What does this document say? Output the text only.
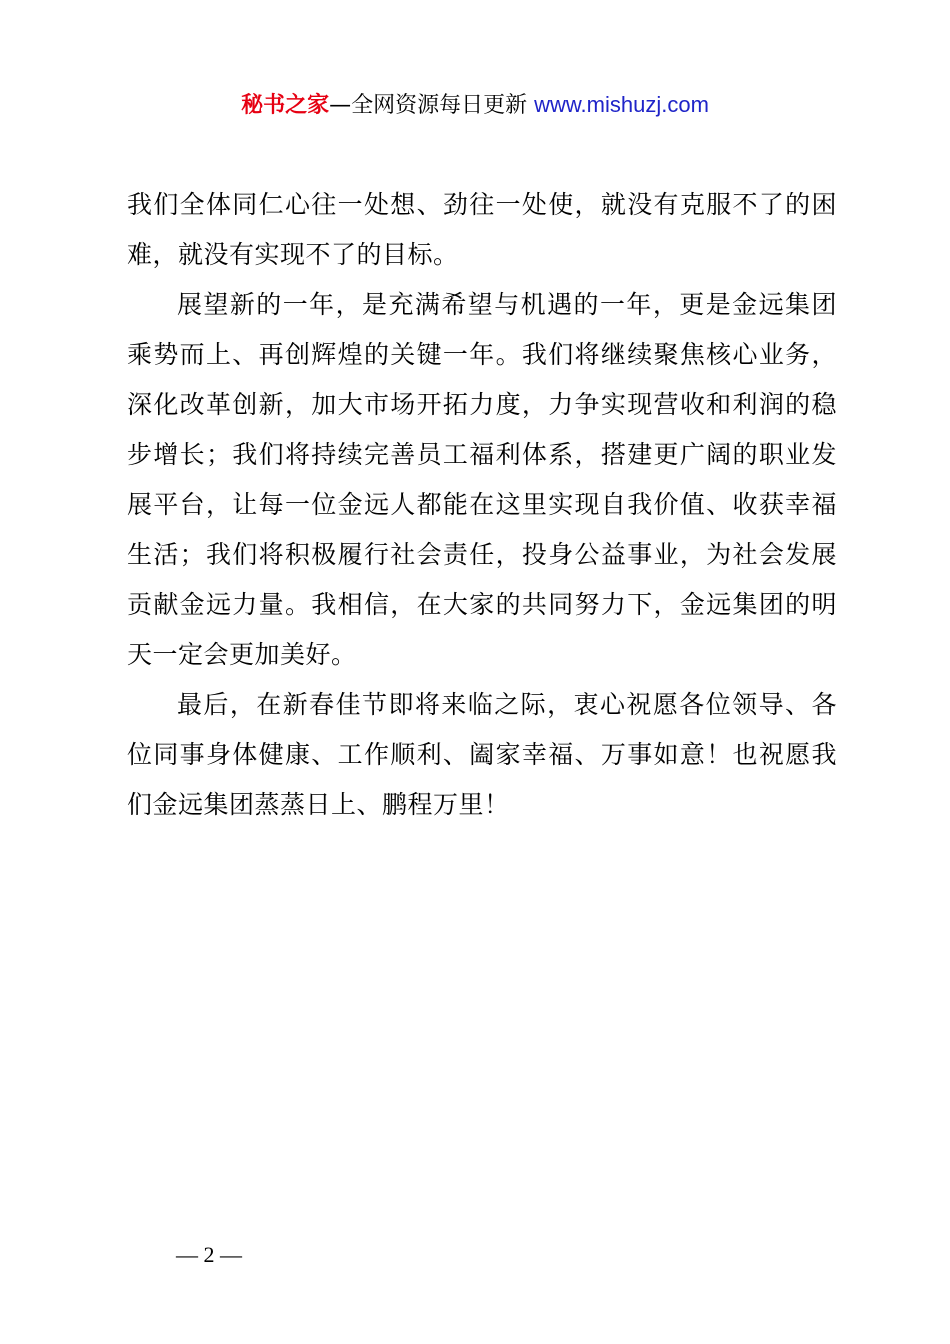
秘书之家—全网资源每日更新 www.mishuzj.com

我们全体同仁心往一处想、劲往一处使，就没有克服不了的困难，就没有实现不了的目标。

展望新的一年，是充满希望与机遇的一年，更是金远集团乘势而上、再创辉煌的关键一年。我们将继续聚焦核心业务，深化改革创新，加大市场开拓力度，力争实现营收和利润的稳步增长；我们将持续完善员工福利体系，搭建更广阔的职业发展平台，让每一位金远人都能在这里实现自我价值、收获幸福生活；我们将积极履行社会责任，投身公益事业，为社会发展贡献金远力量。我相信，在大家的共同努力下，金远集团的明天一定会更加美好。

最后，在新春佳节即将来临之际，衷心祝愿各位领导、各位同事身体健康、工作顺利、阖家幸福、万事如意！也祝愿我们金远集团蒸蒸日上、鹏程万里！

— 2 —
